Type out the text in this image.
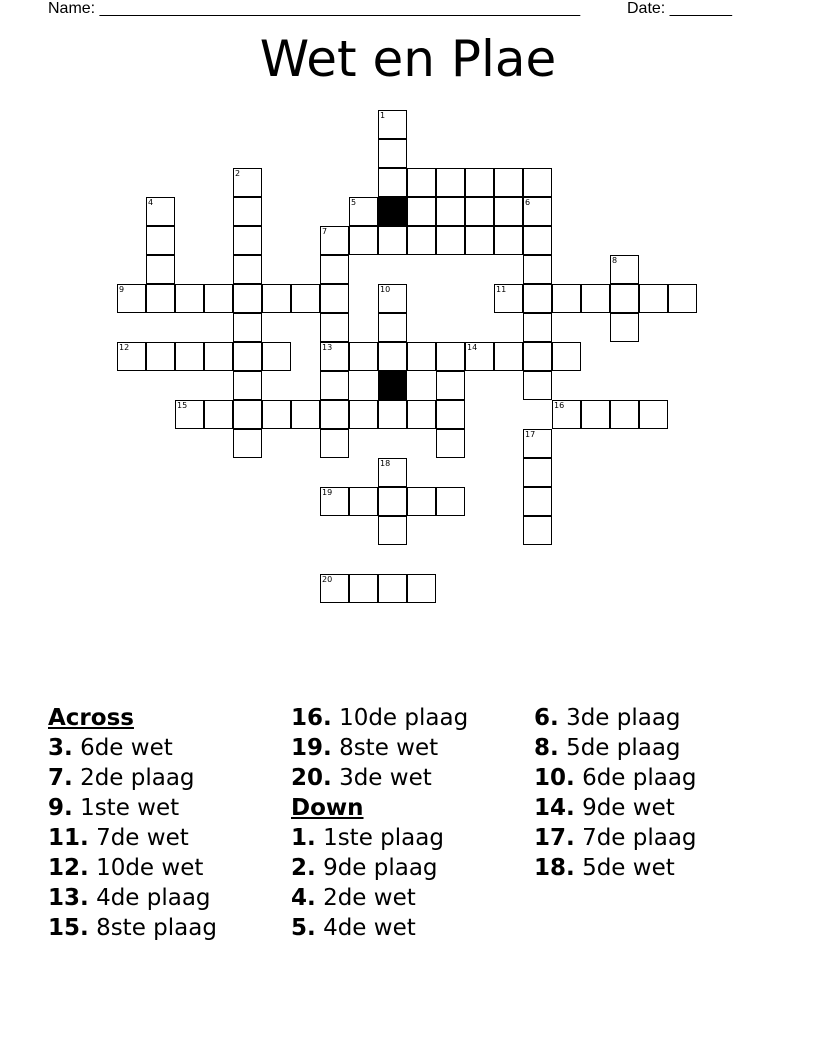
Name: ______________________________________________________	Date: _______
Wet en Plae
1
2
4	5	6
7
8
9	10	11
12	13	14
15	16
17
18
19
20
Across
3. 6de wet
7. 2de plaag
9. 1ste wet
11. 7de wet
12. 10de wet
13. 4de plaag
15. 8ste plaag
16. 10de plaag
19. 8ste wet
20. 3de wet
Down
1. 1ste plaag
2. 9de plaag
4. 2de wet
5. 4de wet
6. 3de plaag
8. 5de plaag
10. 6de plaag
14. 9de wet
17. 7de plaag
18. 5de wet
